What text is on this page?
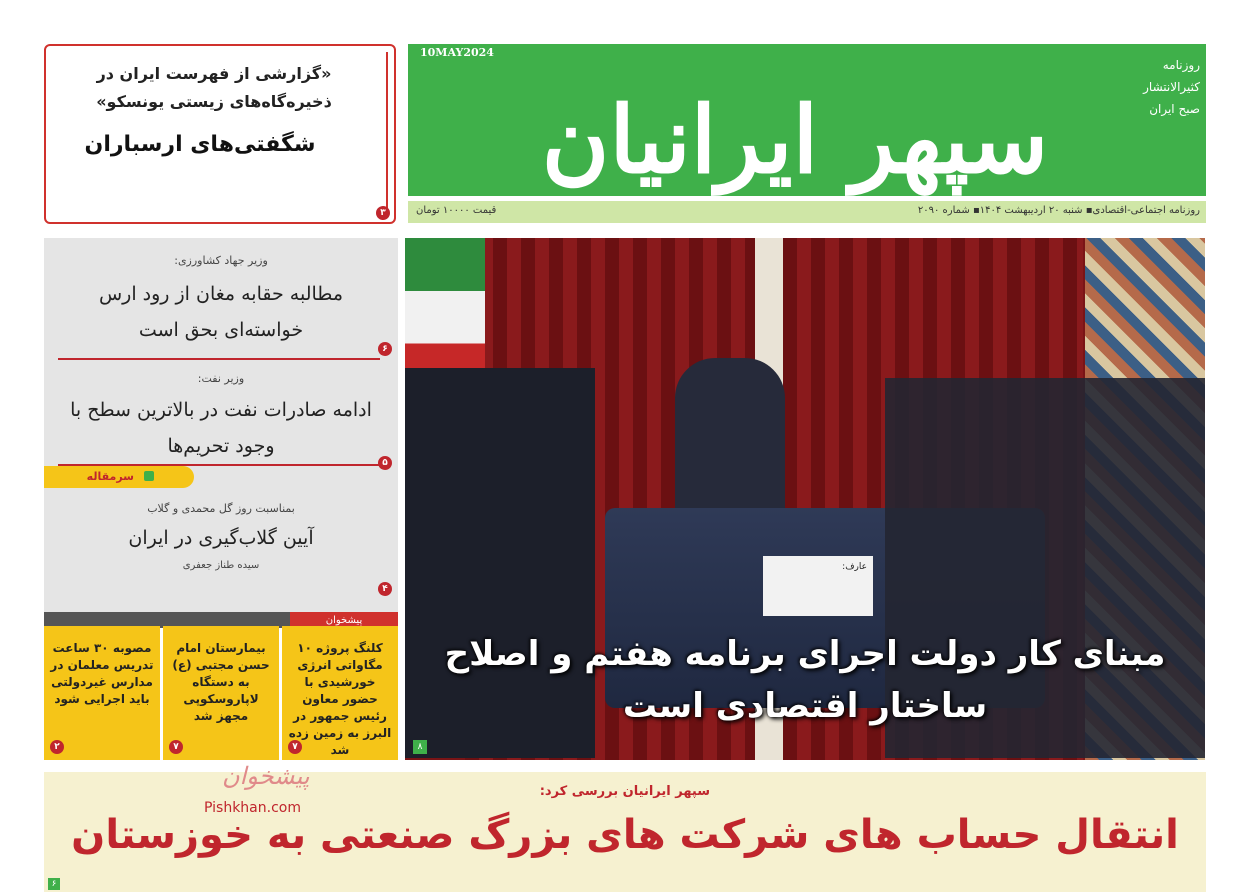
10MAY2024
سپهر ایرانیان
روزنامه
کثیرالانتشار
صبح ایران
روزنامه اجتماعی-اقتصادی▪ شنبه ۲۰ اردیبهشت ۱۴۰۴▪ شماره ۲۰۹۰
قیمت ۱۰۰۰۰ تومان
«گزارشی از فهرست ایران در ذخیره‌گاه‌های زیستی یونسکو»
شگفتی‌های ارسباران
۳
وزیر جهاد کشاورزی:
مطالبه حقابه مغان از رود ارس خواسته‌ای بحق است
۶
وزیر نفت:
ادامه صادرات نفت در بالاترین سطح با وجود تحریم‌ها
۵
بمناسبت روز گل محمدی و گلاب
آیین گلاب‌گیری در ایران
سیده طناز جعفری
۴
سرمقاله
عارف:
مبنای کار دولت اجرای برنامه هفتم و اصلاح ساختار اقتصادی است
۸
پیشخوان
کلنگ پروژه ۱۰ مگاواتی انرژی خورشیدی با حضور معاون رئیس جمهور در البرز به زمین زده شد
۷
بیمارستان امام حسن مجتبی (ع) به دستگاه لاپاروسکوپی مجهز شد
۷
مصوبه ۳۰ ساعت تدریس معلمان در مدارس غیردولتی باید اجرایی شود
۲
سپهر ایرانیان بررسی کرد:
انتقال حساب های شرکت های بزرگ صنعتی به خوزستان
۶
پیشخوان
Pishkhan.com
